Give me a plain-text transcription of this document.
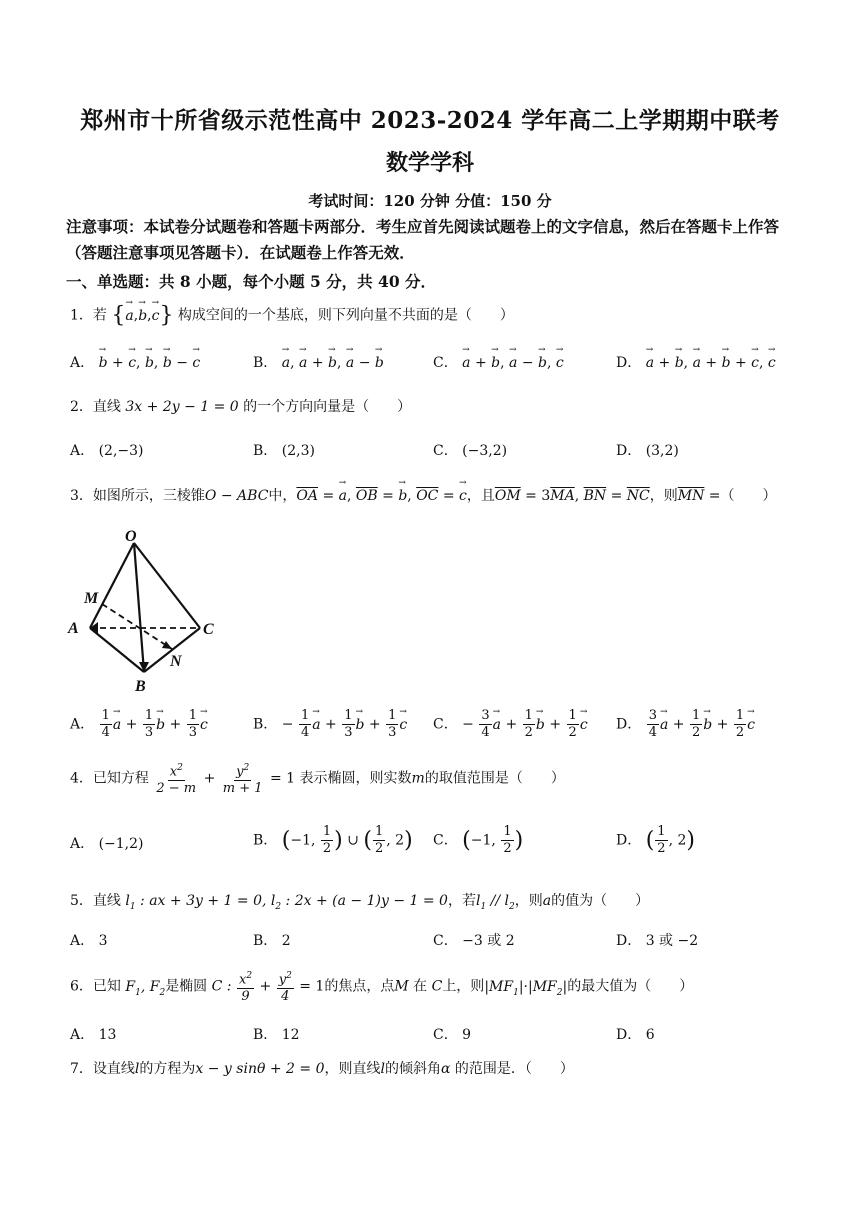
郑州市十所省级示范性高中 2023-2024 学年高二上学期期中联考
数学学科
考试时间：120 分钟 分值：150 分
注意事项：本试卷分试题卷和答题卡两部分．考生应首先阅读试题卷上的文字信息，然后在答题卡上作答（答题注意事项见答题卡）．在试题卷上作答无效．
一、单选题：共 8 小题，每个小题 5 分，共 40 分．
1．若 {→ a,→ b,→ c} 构成空间的一个基底，则下列向量不共面的是（　　）
A． → b + → c, → b, → b − → c	B． → a, → a + → b, → a − → b	C． → a + → b, → a − → b, → c	D． → a + → b, → a + → b + → c, → c
2．直线 3x + 2y − 1 = 0 的一个方向向量是（　　）
A． (2,−3)	B． (2,3)	C． (−3,2)	D． (3,2)
3．如图所示，三棱锥O − ABC中，$\overline{OA}$ = → a, $\overline{OB}$ = → b, $\overline{OC}$ = → c，且$\overline{OM} = 3\overline{MA}$, $\overline{BN} = \overline{NC}$，则$\overline{MN}$ =（　　）
O
M
A	C
N
B
A． $\frac{1}{4} \to a + \frac{1}{3} \to b + \frac{1}{3} \to c$	B． − $\frac{1}{4} \to a + \frac{1}{3} \to b + \frac{1}{3} \to c$ C． − $\frac{3}{4} \to a + \frac{1}{2} \to b + \frac{1}{2} \to c$ D． $\frac{3}{4} \to a + \frac{1}{2} \to b + \frac{1}{2} \to c$
4．已知方程 $\frac{x^2}{2 - m} + \frac{y^2}{m + 1} = 1$ 表示椭圆，则实数m的取值范围是（　　）
A． (−1,2)	B． (−1, $\frac{1}{2}$ ) ∪ ( $\frac{1}{2}$ , 2) C． (−1, $\frac{1}{2}$ )	D． ( $\frac{1}{2}$ , 2)
5．直线 $l_1$ : ax + 3y + 1 = 0, $l_2$ : 2x + (a − 1)y − 1 = 0，若$l_1 // l_2$，则a的值为（　　）
A． 3	B． 2	C． −3 或 2	D． 3 或 −2
6．已知 $F_1$, $F_2$是椭圆 C : $\frac{x^2}{9} + \frac{y^2}{4} = 1$的焦点，点M 在 C上，则$|MF_1|\cdot|MF_2|$的最大值为（　　）
A． 13	B． 12	C． 9	D． 6
7．设直线l的方程为x − y sinθ + 2 = 0，则直线l的倾斜角α 的范围是．（　　）
